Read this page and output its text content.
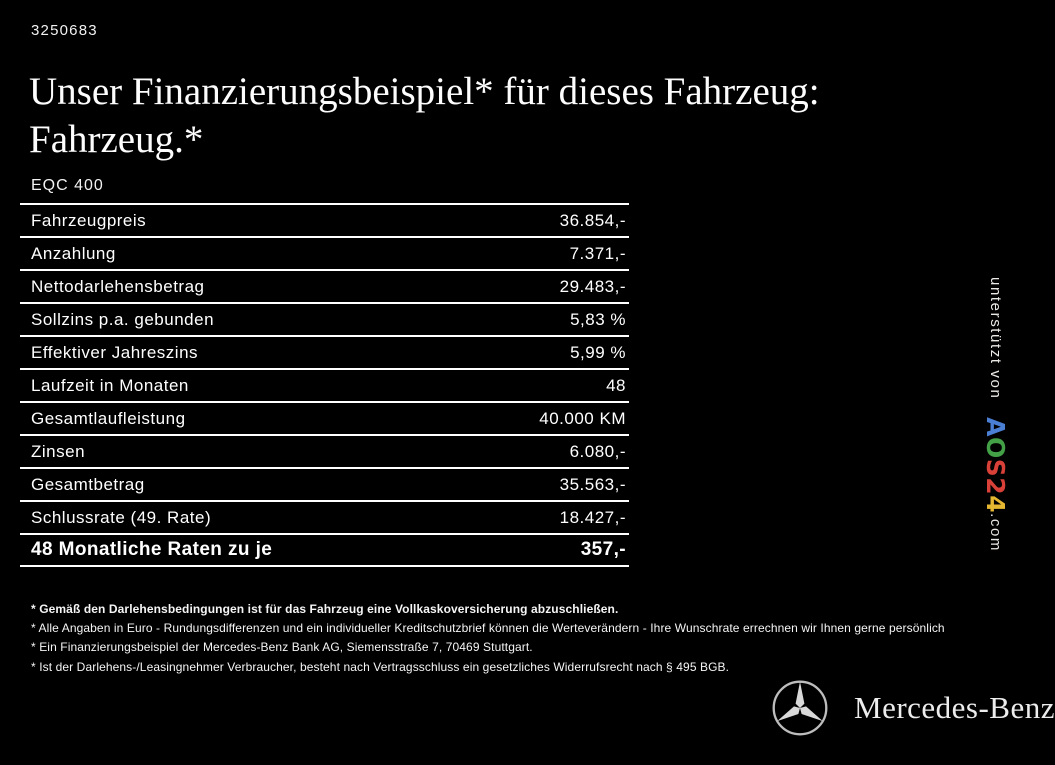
3250683
Unser Finanzierungsbeispiel* für dieses Fahrzeug:
Fahrzeug.*
EQC 400
Fahrzeugpreis	36.854,-
Anzahlung	7.371,-
Nettodarlehensbetrag	29.483,-
Sollzins p.a. gebunden	5,83 %
Effektiver Jahreszins	5,99 %
Laufzeit in Monaten	48
Gesamtlaufleistung	40.000 KM
Zinsen	6.080,-
Gesamtbetrag	35.563,-
Schlussrate (49. Rate)	18.427,-
48 Monatliche Raten zu je	357,-
* Gemäß den Darlehensbedingungen ist für das Fahrzeug eine Vollkaskoversicherung abzuschließen.
* Alle Angaben in Euro - Rundungsdifferenzen und ein individueller Kreditschutzbrief können die Werteverändern - Ihre Wunschrate errechnen wir Ihnen gerne persönlich
* Ein Finanzierungsbeispiel der Mercedes-Benz Bank AG, Siemensstraße 7, 70469 Stuttgart.
* Ist der Darlehens-/Leasingnehmer Verbraucher, besteht nach Vertragsschluss ein gesetzliches Widerrufsrecht nach § 495 BGB.
unterstützt von AOS24.com
Mercedes-Benz
